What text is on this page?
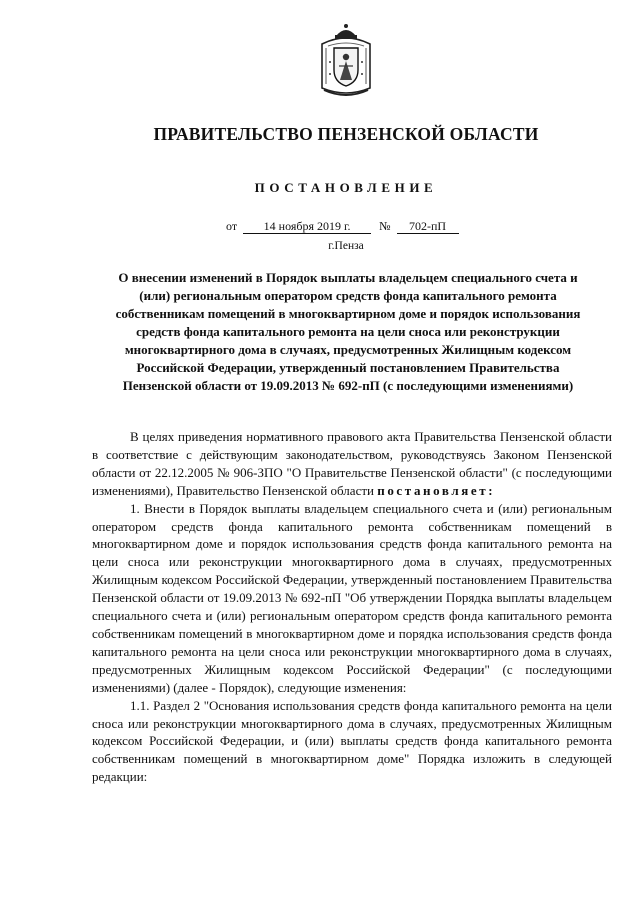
ПРАВИТЕЛЬСТВО ПЕНЗЕНСКОЙ ОБЛАСТИ
ПОСТАНОВЛЕНИЕ
от 14 ноября 2019 г. № 702-пП
г.Пенза
О внесении изменений в Порядок выплаты владельцем специального счета и (или) региональным оператором средств фонда капитального ремонта собственникам помещений в многоквартирном доме и порядок использования средств фонда капитального ремонта на цели сноса или реконструкции многоквартирного дома в случаях, предусмотренных Жилищным кодексом Российской Федерации, утвержденный постановлением Правительства Пензенской области от 19.09.2013 № 692-пП (с последующими изменениями)

В целях приведения нормативного правового акта Правительства Пензенской области в соответствие с действующим законодательством, руководствуясь Законом Пензенской области от 22.12.2005 № 906-ЗПО "О Правительстве Пензенской области" (с последующими изменениями), Правительство Пензенской области постановляет:

1. Внести в Порядок выплаты владельцем специального счета и (или) региональным оператором средств фонда капитального ремонта собственникам помещений в многоквартирном доме и порядок использования средств фонда капитального ремонта на цели сноса или реконструкции многоквартирного дома в случаях, предусмотренных Жилищным кодексом Российской Федерации, утвержденный постановлением Правительства Пензенской области от 19.09.2013 № 692-пП "Об утверждении Порядка выплаты владельцем специального счета и (или) региональным оператором средств фонда капитального ремонта собственникам помещений в многоквартирном доме и порядка использования средств фонда капитального ремонта на цели сноса или реконструкции многоквартирного дома в случаях, предусмотренных Жилищным кодексом Российской Федерации" (с последующими изменениями) (далее - Порядок), следующие изменения:

1.1. Раздел 2 "Основания использования средств фонда капитального ремонта на цели сноса или реконструкции многоквартирного дома в случаях, предусмотренных Жилищным кодексом Российской Федерации, и (или) выплаты средств фонда капитального ремонта собственникам помещений в многоквартирном доме" Порядка изложить в следующей редакции:
